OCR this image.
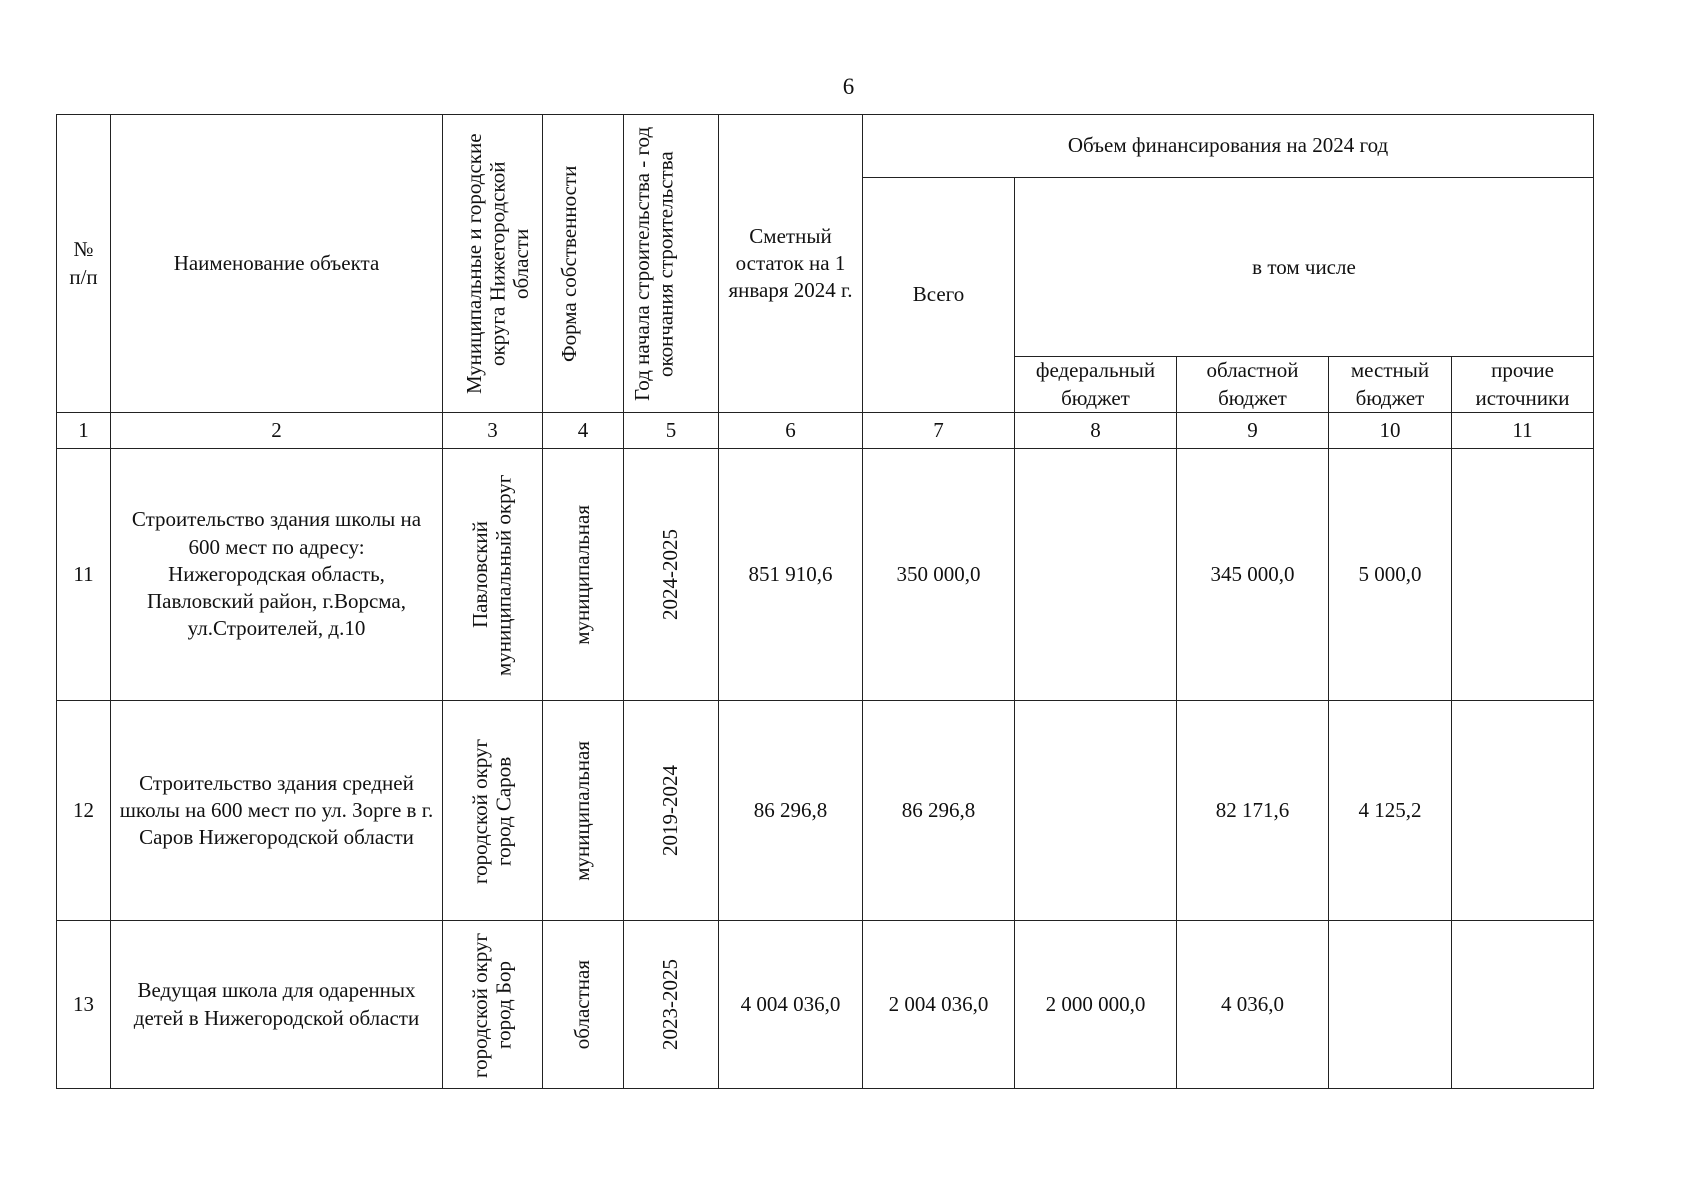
6
№ п/п	Наименование объекта	Муниципальные и городские округа Нижегородской области	Форма собственности	Год начала строительства - год окончания строительства	Сметный остаток на 1 января 2024 г.	Объем финансирования на 2024 год				
						Всего	в том числе			
							федеральный бюджет	областной бюджет	местный бюджет	прочие источники
1	2	3	4	5	6	7	8	9	10	11
11	Строительство здания школы на 600 мест по адресу: Нижегородская область, Павловский район, г.Ворсма, ул.Строителей, д.10	Павловский муниципальный округ	муниципальная	2024-2025	851 910,6	350 000,0		345 000,0	5 000,0	
12	Строительство здания средней школы на 600 мест по ул. Зорге в г. Саров Нижегородской области	городской округ город Саров	муниципальная	2019-2024	86 296,8	86 296,8		82 171,6	4 125,2	
13	Ведущая школа для одаренных детей в Нижегородской области	городской округ город Бор	областная	2023-2025	4 004 036,0	2 004 036,0	2 000 000,0	4 036,0		
